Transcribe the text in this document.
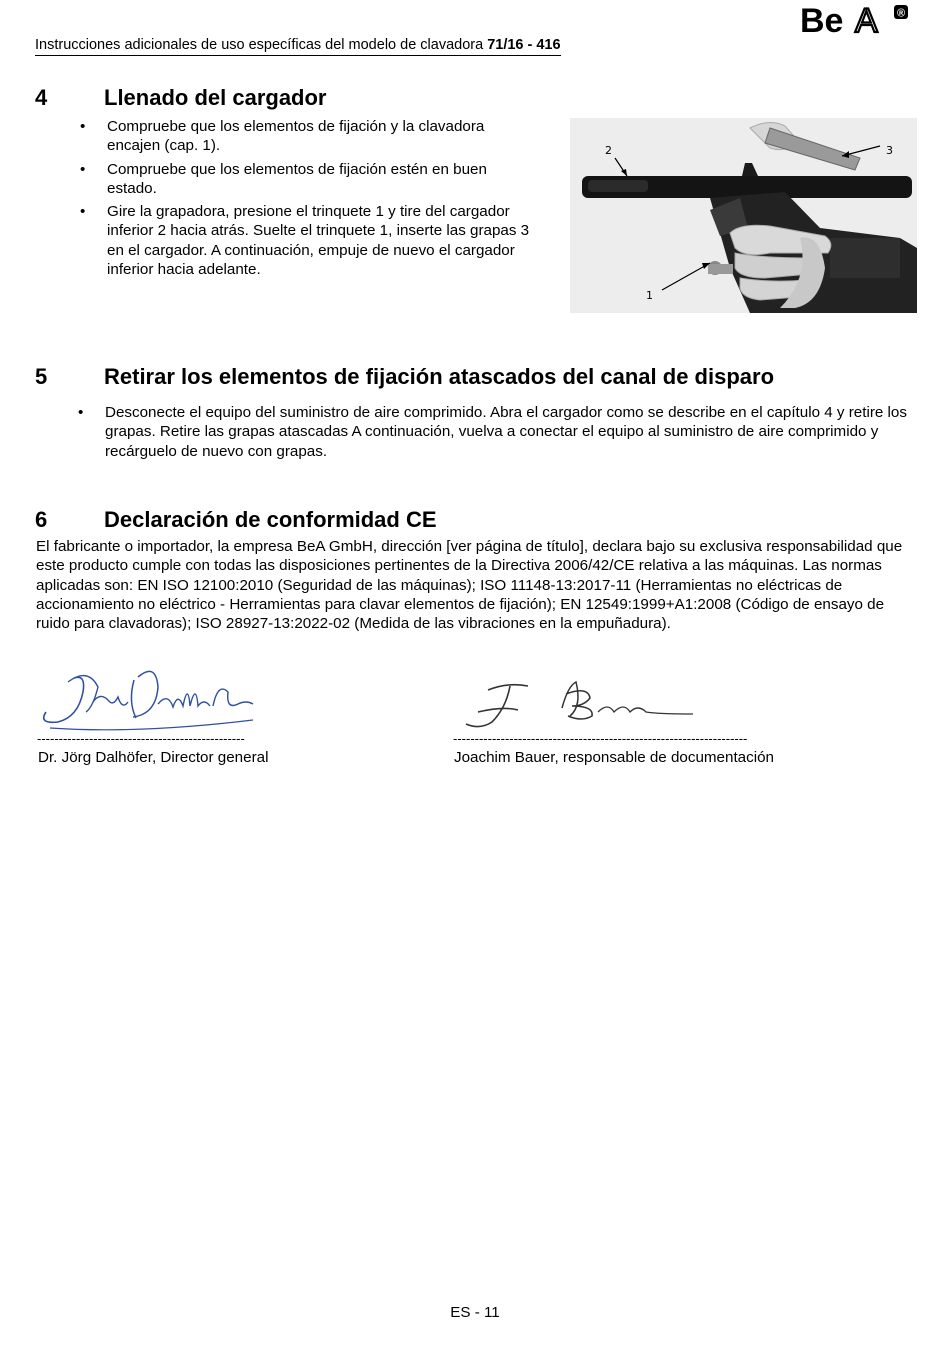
Instrucciones adicionales de uso específicas del modelo de clavadora 71/16 - 416
Be A ®
4	Llenado del cargador
• Compruebe que los elementos de fijación y la clavadora encajen (cap. 1).
• Compruebe que los elementos de fijación estén en buen estado.
• Gire la grapadora, presione el trinquete 1 y tire del cargador inferior 2 hacia atrás. Suelte el trinquete 1, inserte las grapas 3 en el cargador. A continuación, empuje de nuevo el cargador inferior hacia adelante.
2	3
1
5	Retirar los elementos de fijación atascados del canal de disparo
• Desconecte el equipo del suministro de aire comprimido. Abra el cargador como se describe en el capítulo 4 y retire los grapas. Retire las grapas atascadas A continuación, vuelva a conectar el equipo al suministro de aire comprimido y recárguelo de nuevo con grapas.
6	Declaración de conformidad CE
El fabricante o importador, la empresa BeA GmbH, dirección [ver página de título], declara bajo su exclusiva responsabilidad que este producto cumple con todas las disposiciones pertinentes de la Directiva 2006/42/CE relativa a las máquinas. Las normas aplicadas son: EN ISO 12100:2010 (Seguridad de las máquinas); ISO 11148-13:2017-11 (Herramientas no eléctricas de accionamiento no eléctrico - Herramientas para clavar elementos de fijación); EN 12549:1999+A1:2008 (Código de ensayo de ruido para clavadoras); ISO 28927-13:2022-02 (Medida de las vibraciones en la empuñadura).
------------------------------------------------
Dr. Jörg Dalhöfer, Director general
--------------------------------------------------------------------
Joachim Bauer, responsable de documentación
ES - 11
